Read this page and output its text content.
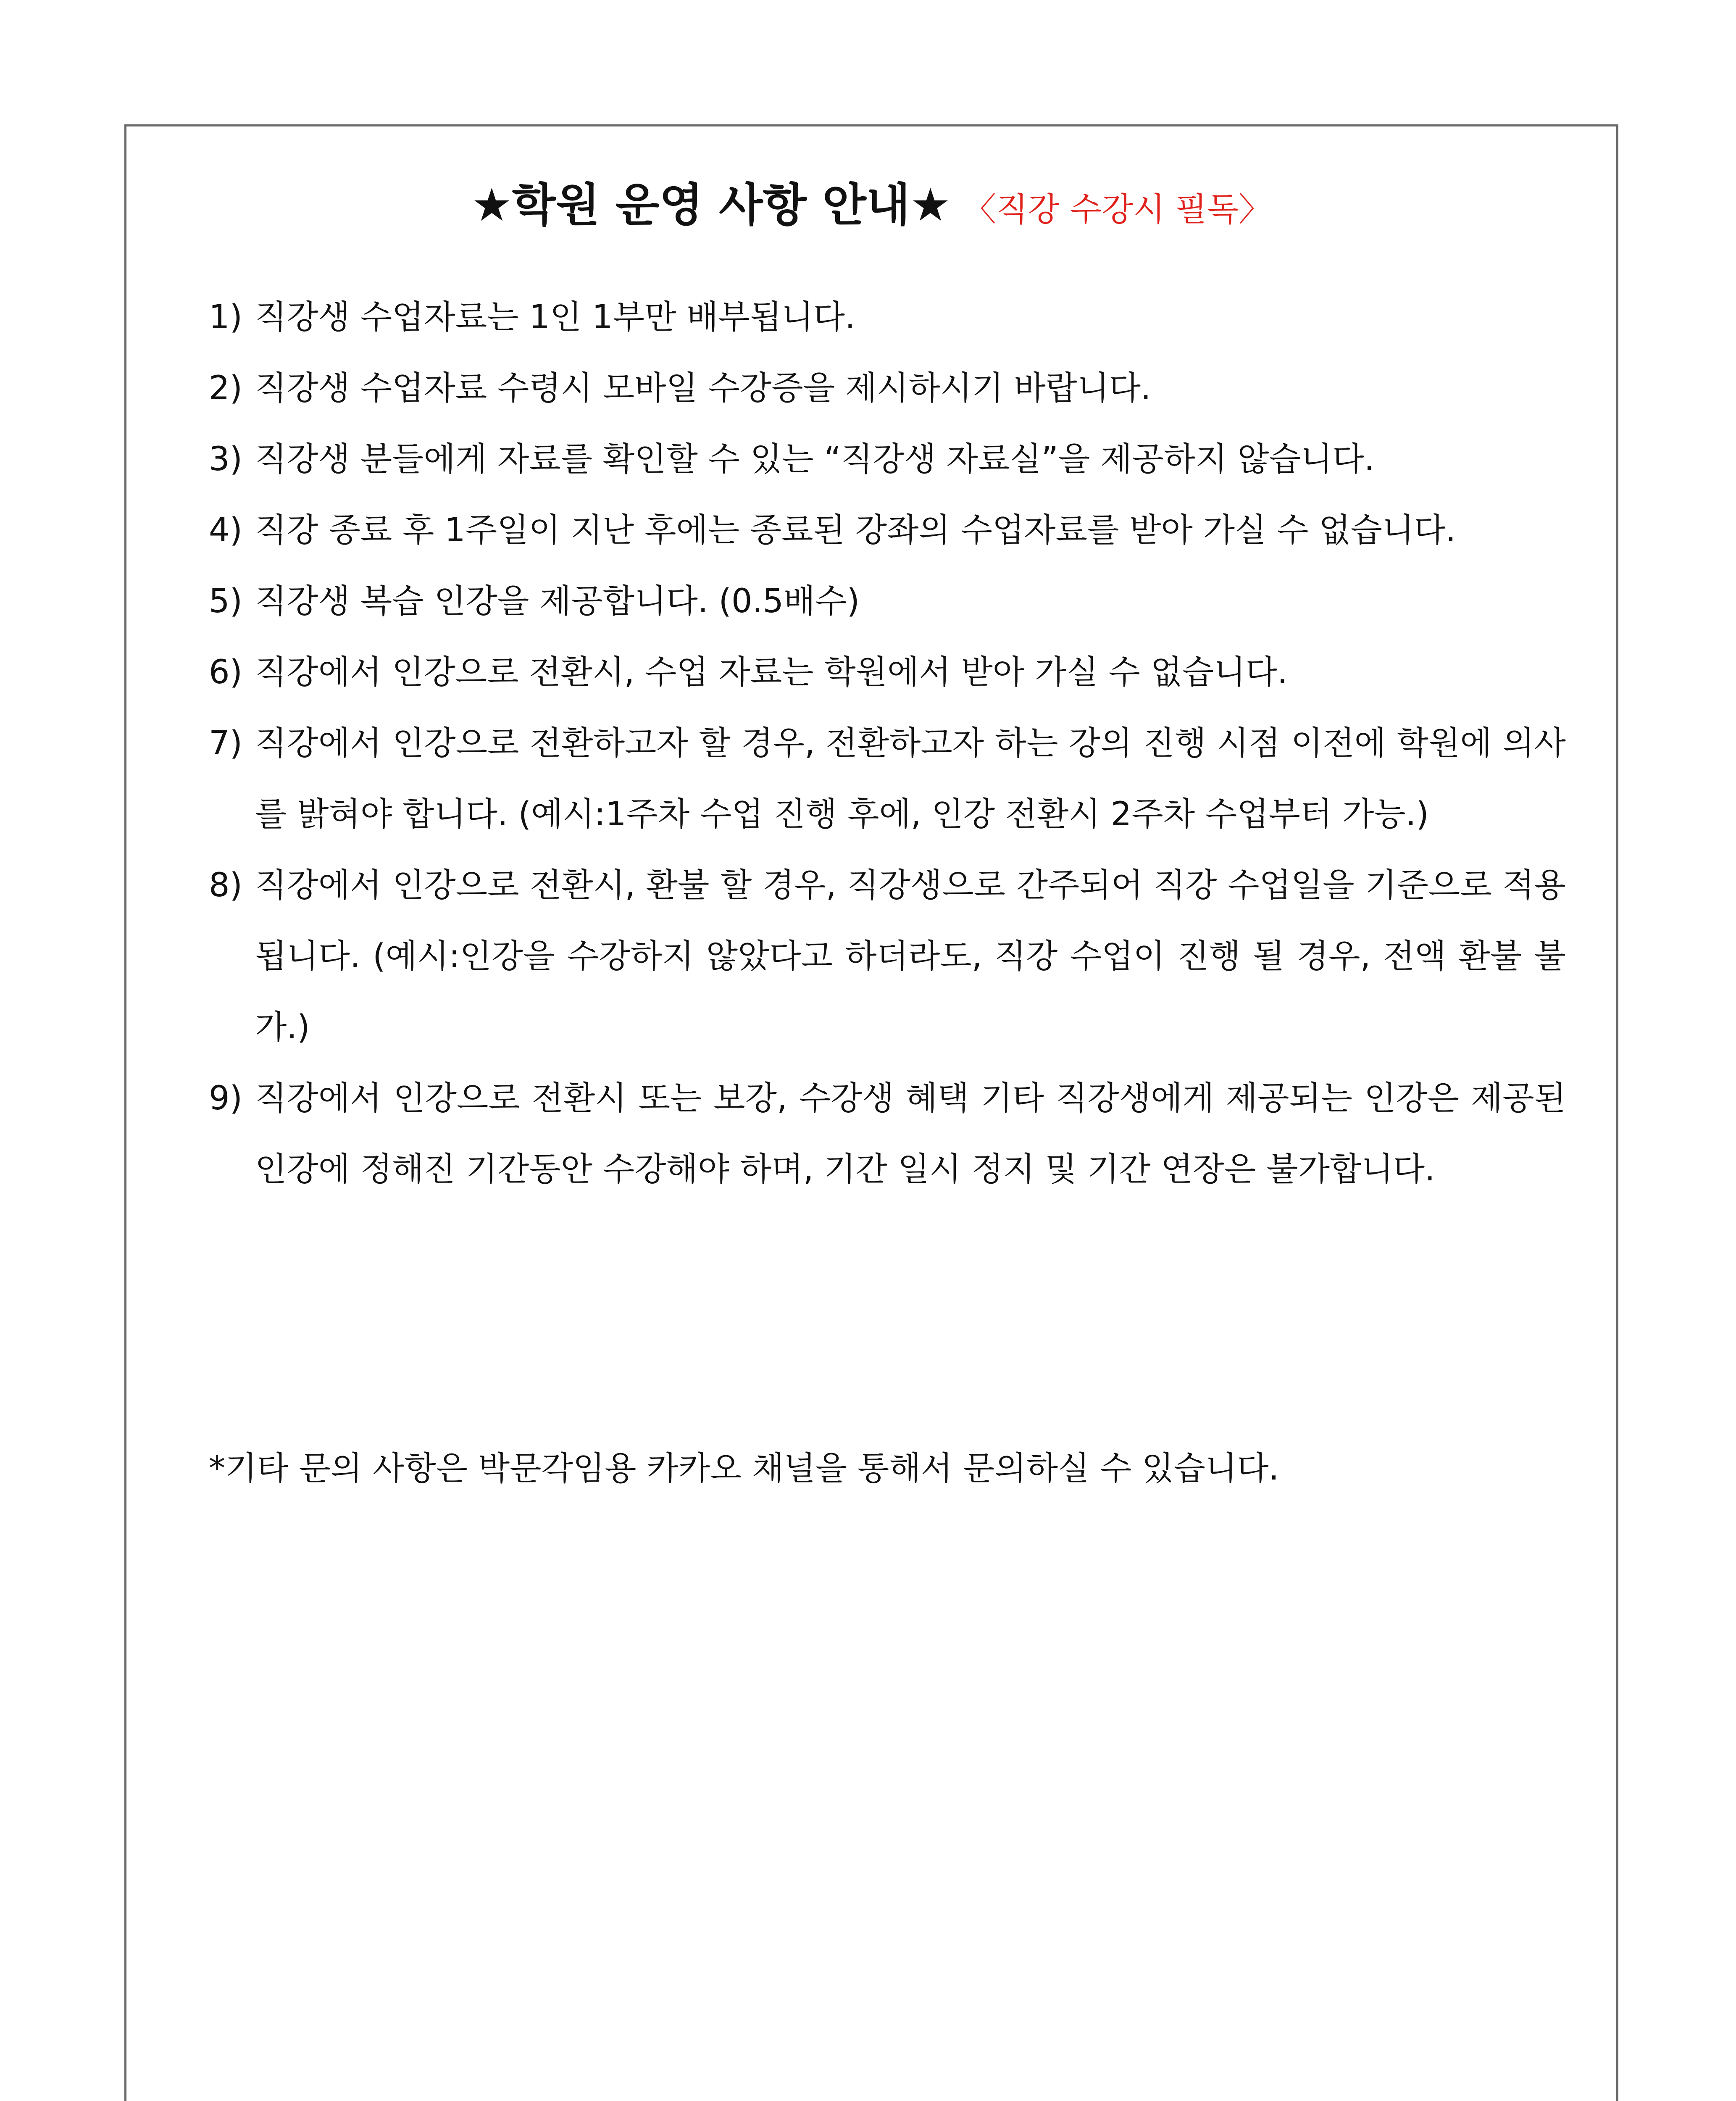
★학원 운영 사항 안내★ 〈직강 수강시 필독〉
1) 직강생 수업자료는 1인 1부만 배부됩니다.
2) 직강생 수업자료 수령시 모바일 수강증을 제시하시기 바랍니다.
3) 직강생 분들에게 자료를 확인할 수 있는 “직강생 자료실”을 제공하지 않습니다.
4) 직강 종료 후 1주일이 지난 후에는 종료된 강좌의 수업자료를 받아 가실 수 없습니다.
5) 직강생 복습 인강을 제공합니다. (0.5배수)
6) 직강에서 인강으로 전환시, 수업 자료는 학원에서 받아 가실 수 없습니다.
7) 직강에서 인강으로 전환하고자 할 경우, 전환하고자 하는 강의 진행 시점 이전에 학원에 의사를 밝혀야 합니다. (예시:1주차 수업 진행 후에, 인강 전환시 2주차 수업부터 가능.)
8) 직강에서 인강으로 전환시, 환불 할 경우, 직강생으로 간주되어 직강 수업일을 기준으로 적용됩니다. (예시:인강을 수강하지 않았다고 하더라도, 직강 수업이 진행 될 경우, 전액 환불 불가.)
9) 직강에서 인강으로 전환시 또는 보강, 수강생 혜택 기타 직강생에게 제공되는 인강은 제공된 인강에 정해진 기간동안 수강해야 하며, 기간 일시 정지 및 기간 연장은 불가합니다.
*기타 문의 사항은 박문각임용 카카오 채널을 통해서 문의하실 수 있습니다.
